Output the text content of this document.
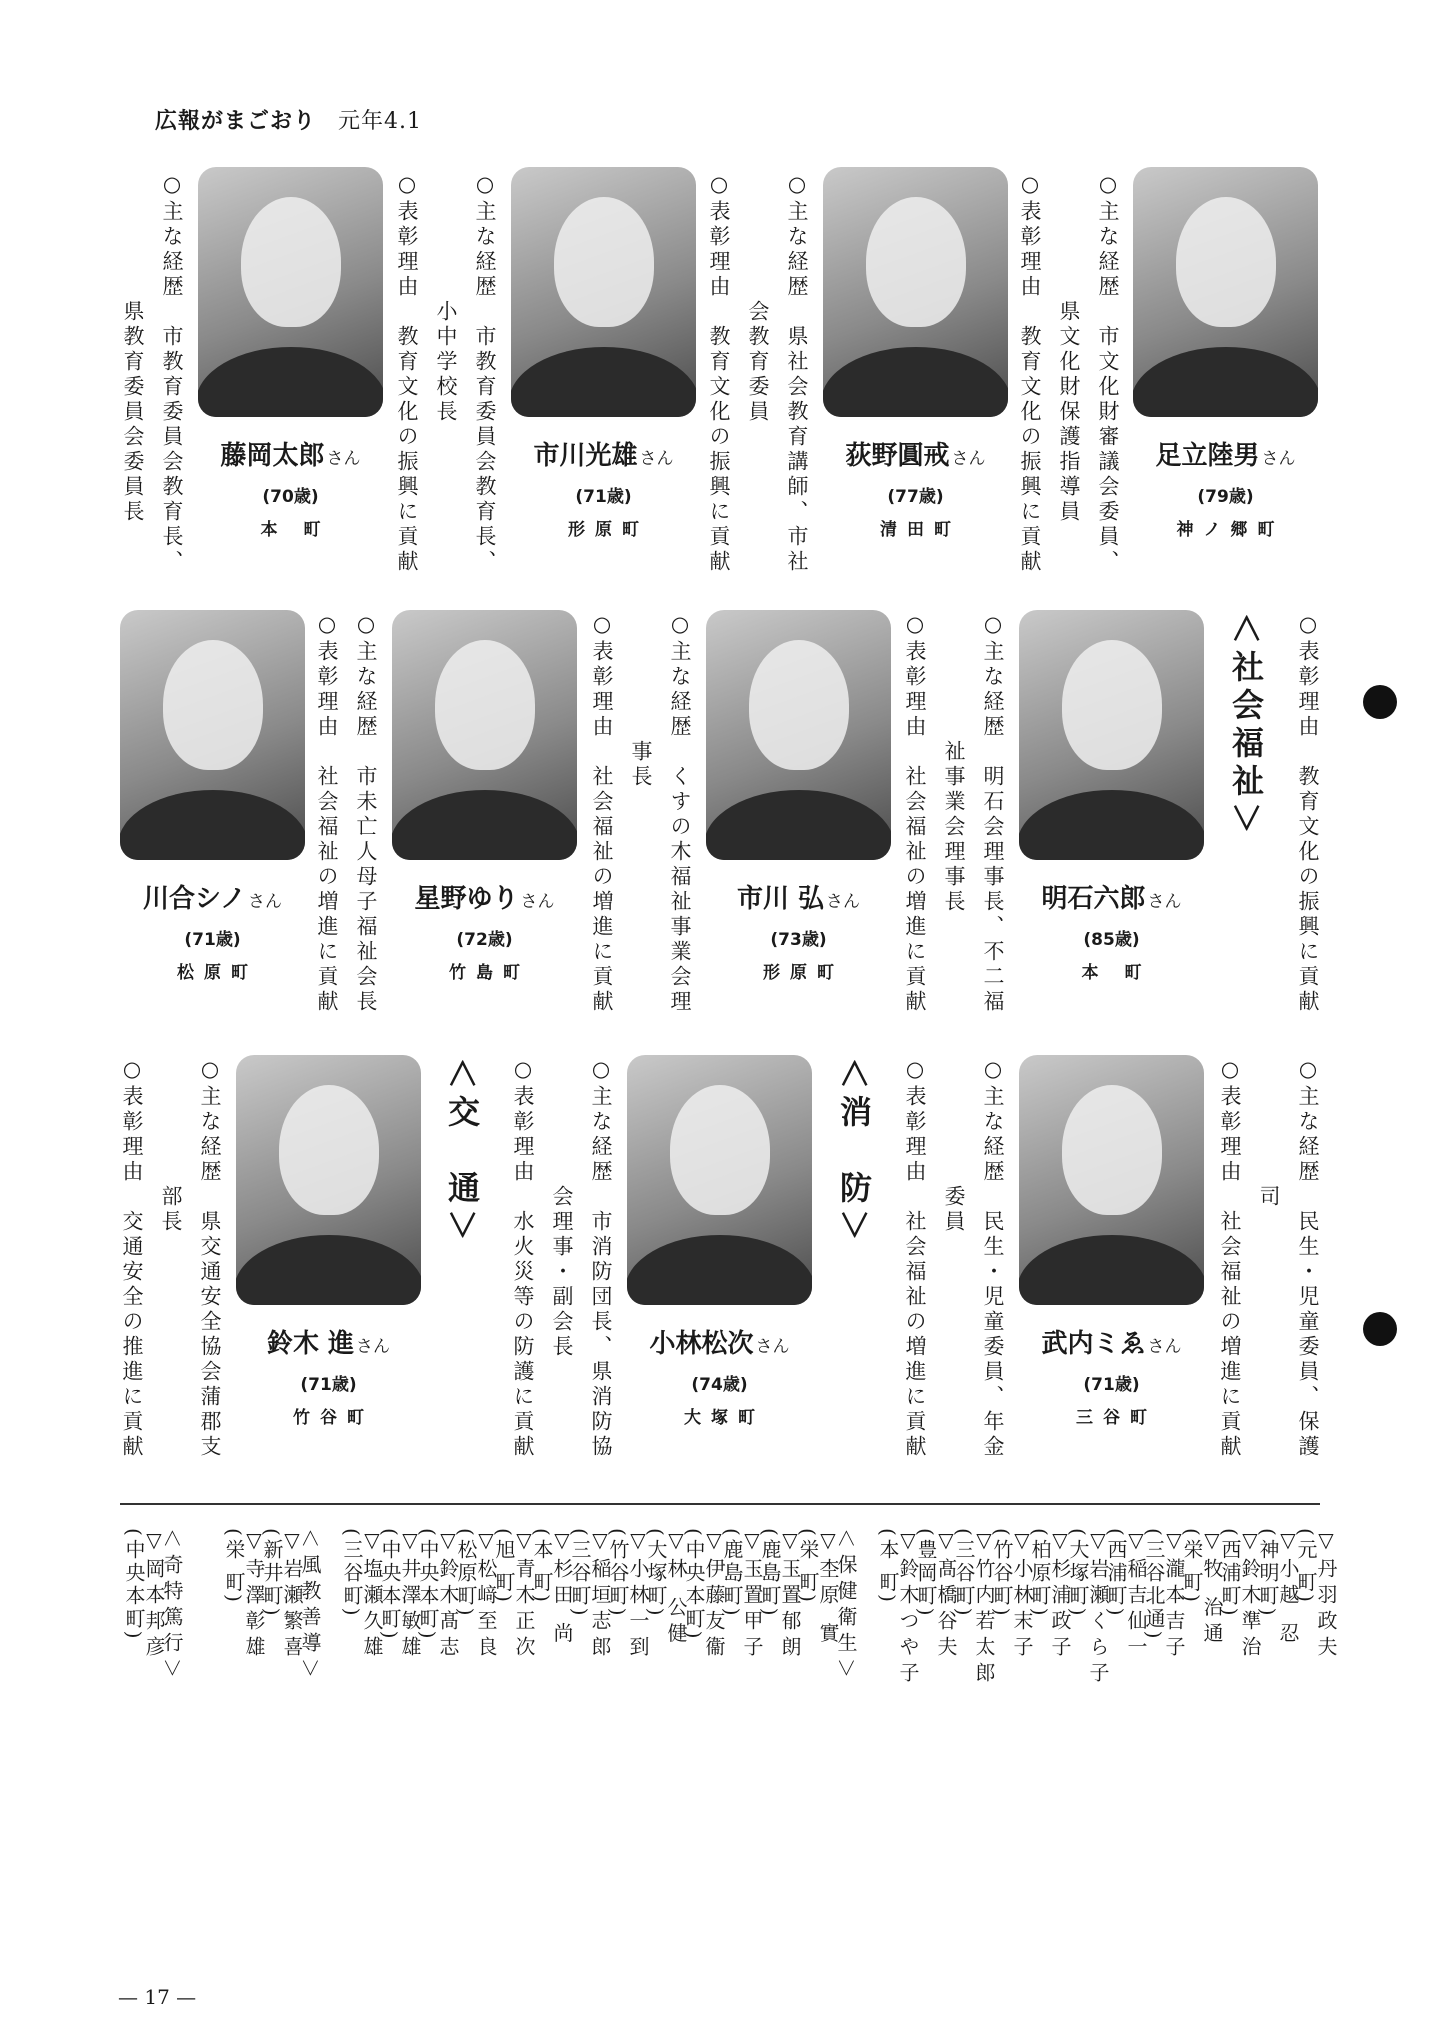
広報がまごおり 元年4.1
足立陸男 さん
(79歳)
神ノ郷町
荻野圓戒 さん
(77歳)
清田町
市川光雄 さん
(71歳)
形原町
藤岡太郎 さん
(70歳)
本 町	○主な経歴　市文化財審議会委員、
県文化財保護指導員
○表彰理由　教育文化の振興に貢献
○主な経歴　県社会教育講師、市社
会教育委員
○表彰理由　教育文化の振興に貢献
○主な経歴　市教育委員会教育長、
小中学校長
○表彰理由　教育文化の振興に貢献
○主な経歴　市教育委員会教育長、
県教育委員会委員長
○表彰理由　教育文化の振興に貢献
＜社会福祉＞
明石六郎 さん
(85歳)
本 町
○主な経歴　明石会理事長、不二福
祉事業会理事長
○表彰理由　社会福祉の増進に貢献
市川 弘 さん
(73歳)
形原町
○主な経歴　くすの木福祉事業会理
事長
○表彰理由　社会福祉の増進に貢献
星野ゆり さん
(72歳)
竹島町
○主な経歴　市未亡人母子福祉会長
○表彰理由　社会福祉の増進に貢献
川合シノ さん
(71歳)
松原町
○主な経歴　民生・児童委員、保護
司
○表彰理由　社会福祉の増進に貢献
武内ミゑ さん
(71歳)
三谷町
○主な経歴　民生・児童委員、年金
委員
○表彰理由　社会福祉の増進に貢献
＜消　防＞
小林松次 さん
(74歳)
大塚町
○主な経歴　市消防団長、県消防協
会理事・副会長
○表彰理由　水火災等の防護に貢献
＜交　通＞
鈴木 進 さん
(71歳)
竹谷町
○主な経歴　県交通安全協会蒲郡支
部長
○表彰理由　交通安全の推進に貢献
▽丹羽政夫
(元 町)
▽小越 忍
(神明町)
▽鈴木準治
(西浦町)
▽牧 治通
(栄 町)
▽瀧本吉子
(三谷北通)
▽稲吉仙一
(西浦町)
▽岩瀬くら子
(大塚町)
▽杉浦政子
(柏原町)
▽小林末子
(竹谷町)
▽竹内若太郎
(三谷町)
▽髙橋谷夫
(豊岡町)
▽鈴木つや子
(本 町)
＜保健衛生＞
▽杢原 實
(栄 町)
▽玉置郁朗
(鹿島町)
▽玉置甲子
(鹿島町)
▽伊藤友衞
(中央本町)
▽林 公健
(大塚町)
▽小林一到
(竹谷町)
▽稲垣志郎
(三谷町)
▽杉田 尚
(本 町)
▽青木正次
(旭 町)
▽松﨑至良
(松原町)
▽鈴木髙志
(中央本町)
▽井澤敏雄
(中央本町)
▽塩瀬久雄
(三谷町)
＜風教善導＞
▽岩瀬繁喜
(新井町)
▽寺澤彰雄
(栄 町)
＜奇特篤行＞
▽岡本邦彦
(中央本町)
— 17 —
